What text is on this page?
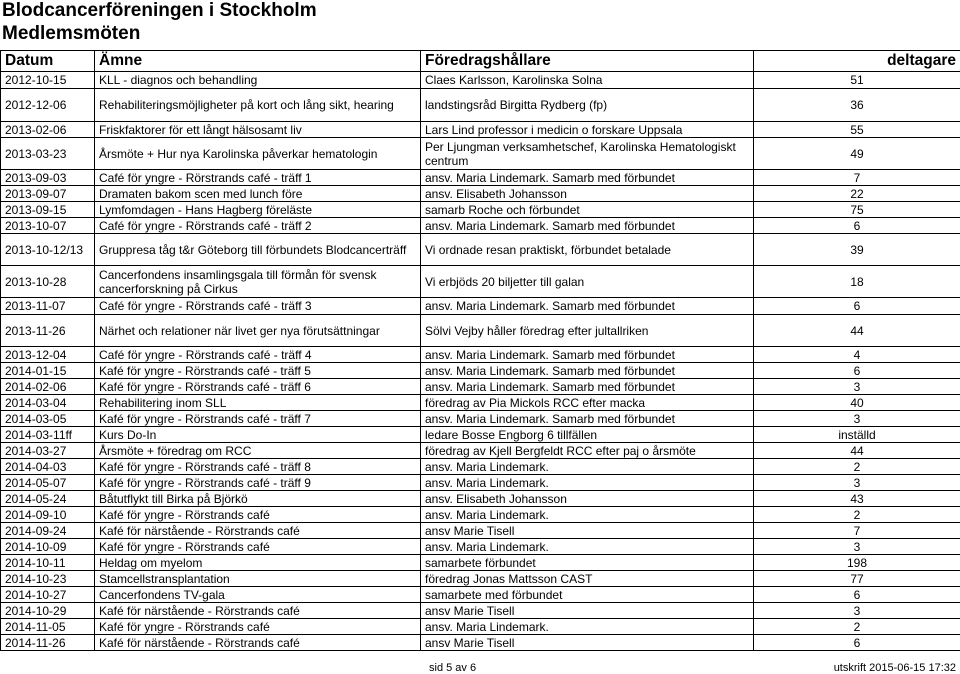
Blodcancerföreningen i Stockholm
Medlemsmöten
Datum	Ämne	Föredragshållare	deltagare
2012-10-15	KLL - diagnos och behandling	Claes Karlsson, Karolinska Solna	51
2012-12-06	Rehabiliteringsmöjligheter på kort och lång sikt, hearing	landstingsråd Birgitta Rydberg (fp)	36
2013-02-06	Friskfaktorer för ett långt hälsosamt liv	Lars Lind professor i medicin o forskare Uppsala	55
2013-03-23	Årsmöte + Hur nya Karolinska påverkar hematologin	Per Ljungman verksamhetschef, Karolinska Hematologiskt centrum	49
2013-09-03	Café för yngre - Rörstrands café - träff 1	ansv. Maria Lindemark. Samarb med förbundet	7
2013-09-07	Dramaten bakom scen med lunch före	ansv. Elisabeth Johansson	22
2013-09-15	Lymfomdagen - Hans Hagberg föreläste	samarb Roche och förbundet	75
2013-10-07	Café för yngre - Rörstrands café - träff 2	ansv. Maria Lindemark. Samarb med förbundet	6
2013-10-12/13	Gruppresa tåg t&r Göteborg till förbundets Blodcancerträff	Vi ordnade resan praktiskt, förbundet betalade	39
2013-10-28	Cancerfondens insamlingsgala till förmån för svensk cancerforskning på Cirkus	Vi erbjöds 20 biljetter till galan	18
2013-11-07	Café för yngre - Rörstrands café - träff 3	ansv. Maria Lindemark. Samarb med förbundet	6
2013-11-26	Närhet och relationer när livet ger nya förutsättningar	Sölvi Vejby håller föredrag efter jultallriken	44
2013-12-04	Café för yngre - Rörstrands café - träff 4	ansv. Maria Lindemark. Samarb med förbundet	4
2014-01-15	Kafé för yngre - Rörstrands café - träff 5	ansv. Maria Lindemark. Samarb med förbundet	6
2014-02-06	Kafé för yngre - Rörstrands café - träff 6	ansv. Maria Lindemark. Samarb med förbundet	3
2014-03-04	Rehabilitering inom SLL	föredrag av Pia Mickols RCC efter macka	40
2014-03-05	Kafé för yngre - Rörstrands café - träff 7	ansv. Maria Lindemark. Samarb med förbundet	3
2014-03-11ff	Kurs Do-In	ledare Bosse Engborg 6 tillfällen	inställd
2014-03-27	Årsmöte + föredrag om RCC	föredrag av Kjell Bergfeldt RCC efter paj o årsmöte	44
2014-04-03	Kafé för yngre - Rörstrands café - träff 8	ansv. Maria Lindemark.	2
2014-05-07	Kafé för yngre - Rörstrands café - träff 9	ansv. Maria Lindemark.	3
2014-05-24	Båtutflykt till Birka på Björkö	ansv. Elisabeth Johansson	43
2014-09-10	Kafé för yngre - Rörstrands café	ansv. Maria Lindemark.	2
2014-09-24	Kafé för närstående - Rörstrands café	ansv Marie Tisell	7
2014-10-09	Kafé för yngre - Rörstrands café	ansv. Maria Lindemark.	3
2014-10-11	Heldag om myelom	samarbete förbundet	198
2014-10-23	Stamcellstransplantation	föredrag Jonas Mattsson CAST	77
2014-10-27	Cancerfondens TV-gala	samarbete med förbundet	6
2014-10-29	Kafé för närstående - Rörstrands café	ansv Marie Tisell	3
2014-11-05	Kafé för yngre - Rörstrands café	ansv. Maria Lindemark.	2
2014-11-26	Kafé för närstående - Rörstrands café	ansv Marie Tisell	6
sid 5 av 6	utskrift 2015-06-15 17:32
